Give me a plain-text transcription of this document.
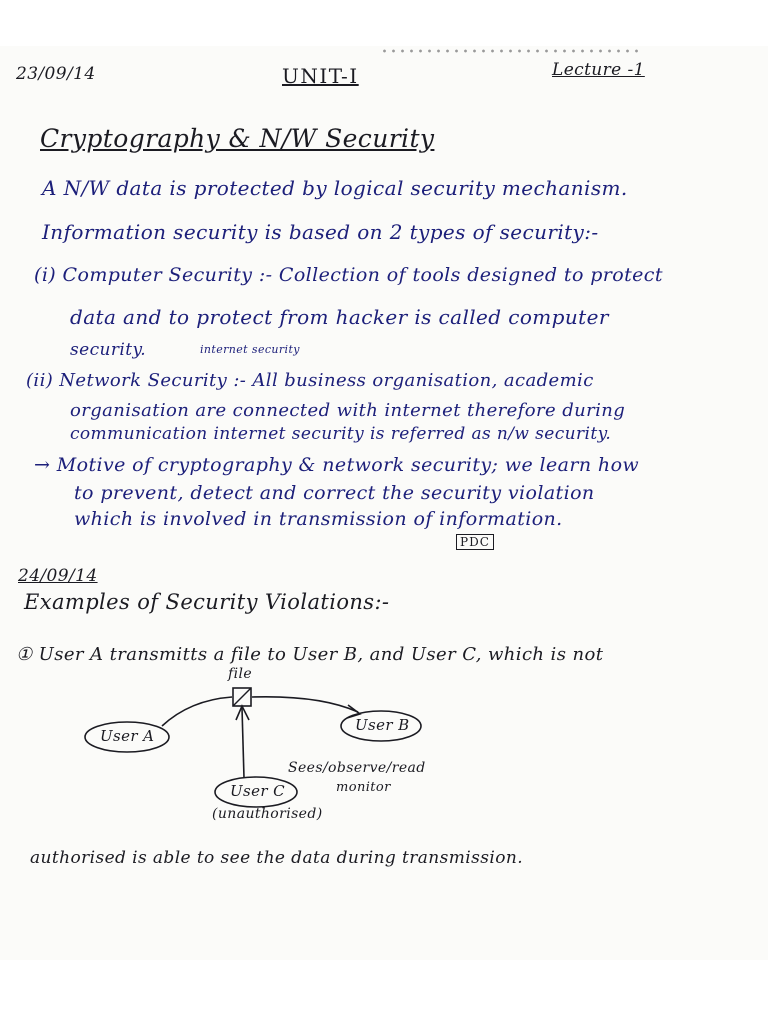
23/09/14	UNIT-I	Lecture -1
Cryptography & N/W Security
A N/W data is protected by logical security mechanism.
Information security is based on 2 types of security:-
(i) Computer Security :- Collection of tools designed to protect
data and to protect from hacker is called computer
security.	internet security
(ii) Network Security :- All business organisation, academic
organisation are connected with internet therefore during
communication internet security is referred as n/w security.
→ Motive of cryptography & network security; we learn how
to prevent, detect and correct the security violation
which is involved in transmission of information.
PDC
24/09/14
Examples of Security Violations:-
① User A transmitts a file to User B, and User C, which is not
file
User A
User B
User C
(unauthorised)
Sees/observe/read
monitor
authorised is able to see the data during transmission.
